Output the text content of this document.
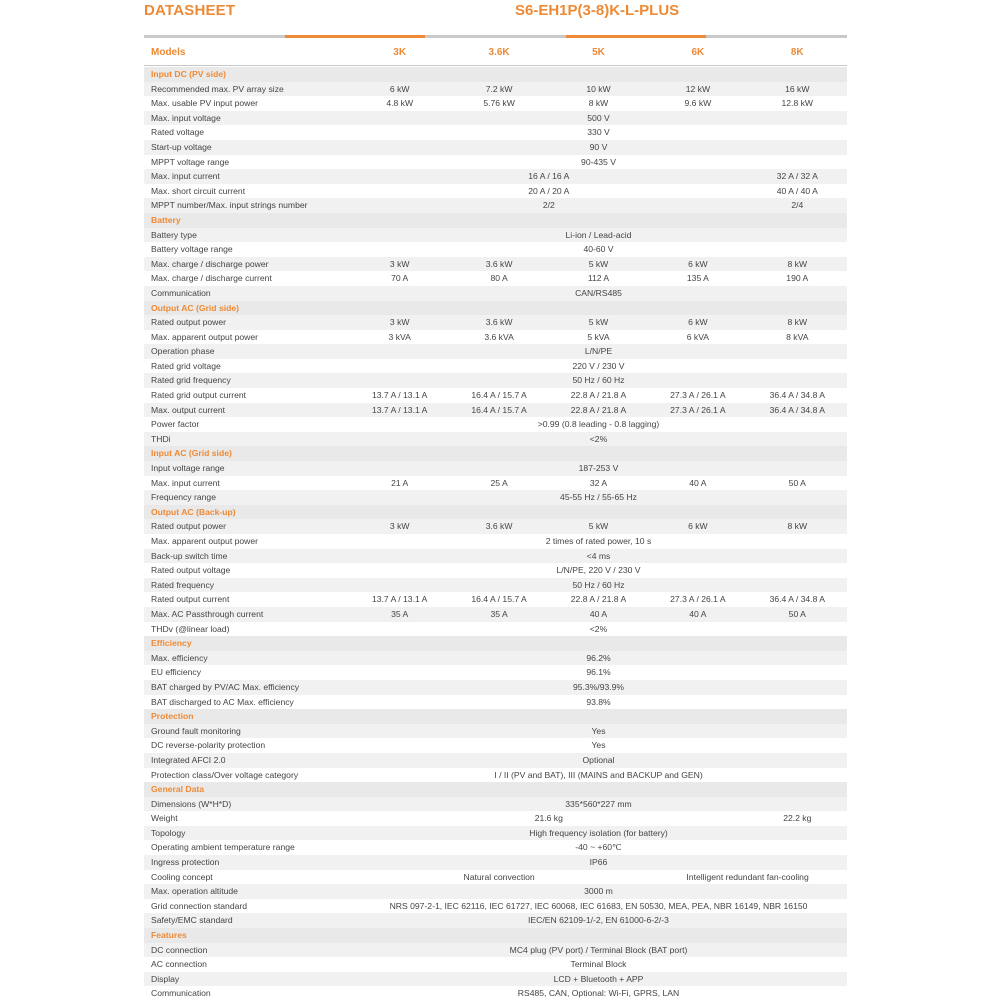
DATASHEET	S6-EH1P(3-8)K-L-PLUS
Models	3K	3.6K	5K	6K	8K
Input DC (PV side)
Recommended max. PV array size	6 kW	7.2 kW	10 kW	12 kW	16 kW
Max. usable PV input power	4.8 kW	5.76 kW	8 kW	9.6 kW	12.8 kW
Max. input voltage	500 V
Rated voltage	330 V
Start-up voltage	90 V
MPPT voltage range	90-435 V
Max. input current	16 A / 16 A	32 A / 32 A
Max. short circuit current	20 A / 20 A	40 A / 40 A
MPPT number/Max. input strings number	2/2	2/4
Battery
Battery type	Li-ion / Lead-acid
Battery voltage range	40-60 V
Max. charge / discharge power	3 kW	3.6 kW	5 kW	6 kW	8 kW
Max. charge / discharge current	70 A	80 A	112 A	135 A	190 A
Communication	CAN/RS485
Output AC (Grid side)
Rated output power	3 kW	3.6 kW	5 kW	6 kW	8 kW
Max. apparent output power	3 kVA	3.6 kVA	5 kVA	6 kVA	8 kVA
Operation phase	L/N/PE
Rated grid voltage	220 V / 230 V
Rated grid frequency	50 Hz / 60 Hz
Rated grid output current	13.7 A / 13.1 A	16.4 A / 15.7 A	22.8 A / 21.8 A	27.3 A / 26.1 A	36.4 A / 34.8 A
Max. output current	13.7 A / 13.1 A	16.4 A / 15.7 A	22.8 A / 21.8 A	27.3 A / 26.1 A	36.4 A / 34.8 A
Power factor	>0.99 (0.8 leading - 0.8 lagging)
THDi	<2%
Input AC (Grid side)
Input voltage range	187-253 V
Max. input current	21 A	25 A	32 A	40 A	50 A
Frequency range	45-55 Hz / 55-65 Hz
Output AC (Back-up)
Rated output power	3 kW	3.6 kW	5 kW	6 kW	8 kW
Max. apparent output power	2 times of rated power, 10 s
Back-up switch time	<4 ms
Rated output voltage	L/N/PE, 220 V / 230 V
Rated frequency	50 Hz / 60 Hz
Rated output current	13.7 A / 13.1 A	16.4 A / 15.7 A	22.8 A / 21.8 A	27.3 A / 26.1 A	36.4 A / 34.8 A
Max. AC Passthrough current	35 A	35 A	40 A	40 A	50 A
THDv (@linear load)	<2%
Efficiency
Max. efficiency	96.2%
EU efficiency	96.1%
BAT charged by PV/AC Max. efficiency	95.3%/93.9%
BAT discharged to AC Max. efficiency	93.8%
Protection
Ground fault monitoring	Yes
DC reverse-polarity protection	Yes
Integrated AFCI 2.0	Optional
Protection class/Over voltage category	I / II (PV and BAT), III (MAINS and BACKUP and GEN)
General Data
Dimensions (W*H*D)	335*560*227 mm
Weight	21.6 kg	22.2 kg
Topology	High frequency isolation (for battery)
Operating ambient temperature range	-40 ~ +60℃
Ingress protection	IP66
Cooling concept	Natural convection	Intelligent redundant fan-cooling
Max. operation altitude	3000 m
Grid connection standard	NRS 097-2-1, IEC 62116, IEC 61727, IEC 60068, IEC 61683, EN 50530, MEA, PEA, NBR 16149, NBR 16150
Safety/EMC standard	IEC/EN 62109-1/-2, EN 61000-6-2/-3
Features
DC connection	MC4 plug (PV port) / Terminal Block (BAT port)
AC connection	Terminal Block
Display	LCD + Bluetooth + APP
Communication	RS485, CAN, Optional: Wi-Fi, GPRS, LAN
